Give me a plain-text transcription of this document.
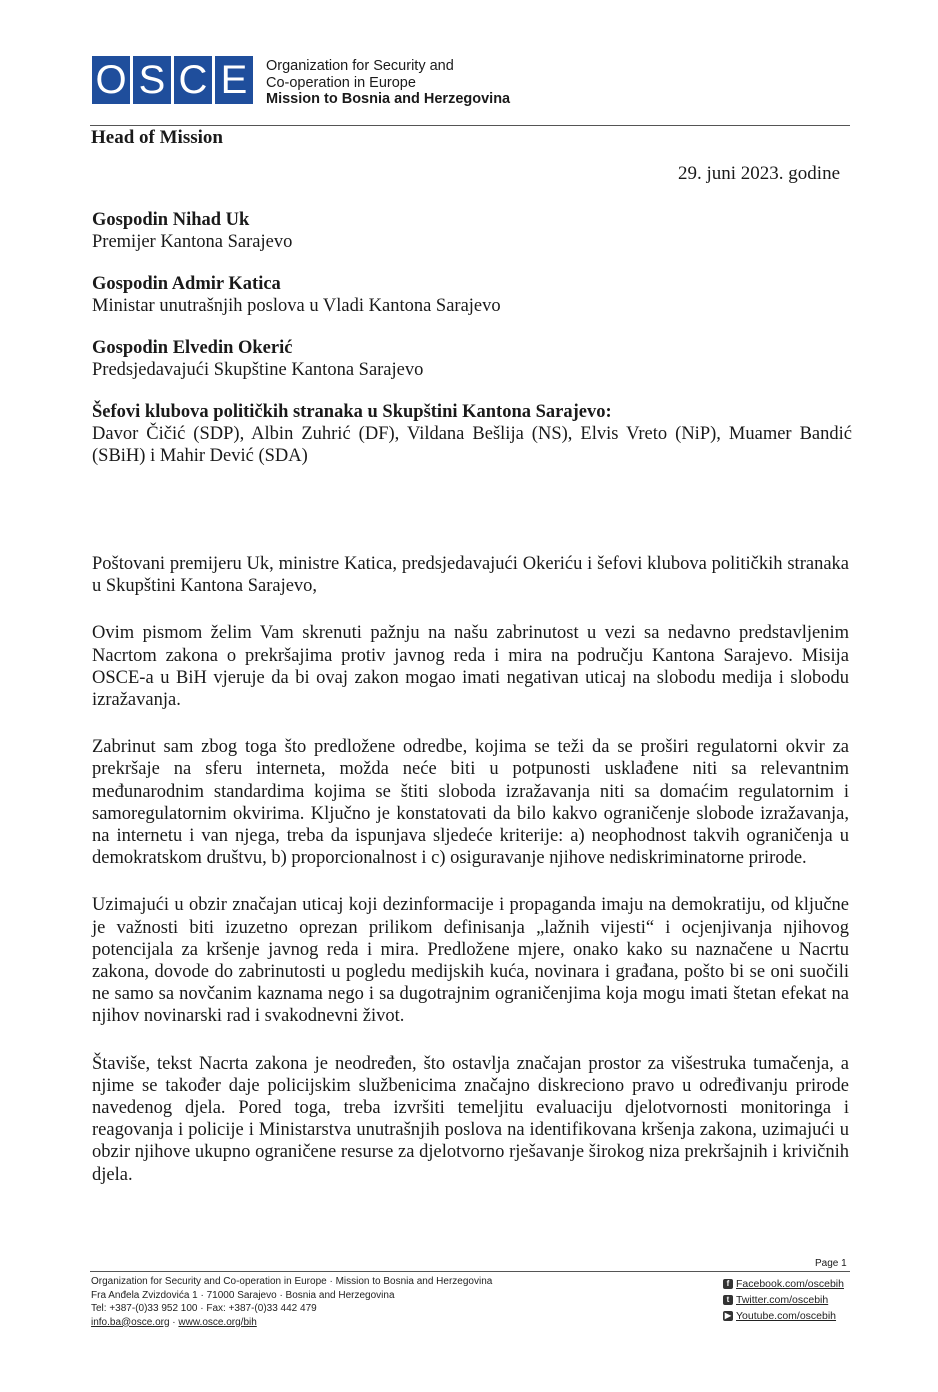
O S C E	Organization for Security and
Co-operation in Europe
Mission to Bosnia and Herzegovina
Head of Mission
29. juni 2023. godine
Gospodin Nihad Uk
Premijer Kantona Sarajevo
Gospodin Admir Katica
Ministar unutrašnjih poslova u Vladi Kantona Sarajevo
Gospodin Elvedin Okerić
Predsjedavajući Skupštine Kantona Sarajevo
Šefovi klubova političkih stranaka u Skupštini Kantona Sarajevo:
Davor Čičić (SDP), Albin Zuhrić (DF), Vildana Bešlija (NS), Elvis Vreto (NiP), Muamer Bandić (SBiH) i Mahir Dević (SDA)

Poštovani premijeru Uk, ministre Katica, predsjedavajući Okeriću i šefovi klubova političkih stranaka u Skupštini Kantona Sarajevo,

Ovim pismom želim Vam skrenuti pažnju na našu zabrinutost u vezi sa nedavno predstavljenim Nacrtom zakona o prekršajima protiv javnog reda i mira na području Kantona Sarajevo. Misija OSCE-a u BiH vjeruje da bi ovaj zakon mogao imati negativan uticaj na slobodu medija i slobodu izražavanja.

Zabrinut sam zbog toga što predložene odredbe, kojima se teži da se proširi regulatorni okvir za prekršaje na sferu interneta, možda neće biti u potpunosti usklađene niti sa relevantnim međunarodnim standardima kojima se štiti sloboda izražavanja niti sa domaćim regulatornim i samoregulatornim okvirima. Ključno je konstatovati da bilo kakvo ograničenje slobode izražavanja, na internetu i van njega, treba da ispunjava sljedeće kriterije: a) neophodnost takvih ograničenja u demokratskom društvu, b) proporcionalnost i c) osiguravanje njihove nediskriminatorne prirode.

Uzimajući u obzir značajan uticaj koji dezinformacije i propaganda imaju na demokratiju, od ključne je važnosti biti izuzetno oprezan prilikom definisanja „lažnih vijesti“ i ocjenjivanja njihovog potencijala za kršenje javnog reda i mira. Predložene mjere, onako kako su naznačene u Nacrtu zakona, dovode do zabrinutosti u pogledu medijskih kuća, novinara i građana, pošto bi se oni suočili ne samo sa novčanim kaznama nego i sa dugotrajnim ograničenjima koja mogu imati štetan efekat na njihov novinarski rad i svakodnevni život.

Štaviše, tekst Nacrta zakona je neodređen, što ostavlja značajan prostor za višestruka tumačenja, a njime se također daje policijskim službenicima značajno diskreciono pravo u određivanju prirode navedenog djela. Pored toga, treba izvršiti temeljitu evaluaciju djelotvornosti monitoringa i reagovanja i policije i Ministarstva unutrašnjih poslova na identifikovana kršenja zakona, uzimajući u obzir njihove ukupno ograničene resurse za djelotvorno rješavanje širokog niza prekršajnih i krivičnih djela.

Page 1
Organization for Security and Co-operation in Europe · Mission to Bosnia and Herzegovina
Fra Anđela Zvizdovića 1 · 71000 Sarajevo · Bosnia and Herzegovina
Tel: +387-(0)33 952 100 · Fax: +387-(0)33 442 479
info.ba@osce.org · www.osce.org/bih
f Facebook.com/oscebih
t Twitter.com/oscebih
▶ Youtube.com/oscebih
